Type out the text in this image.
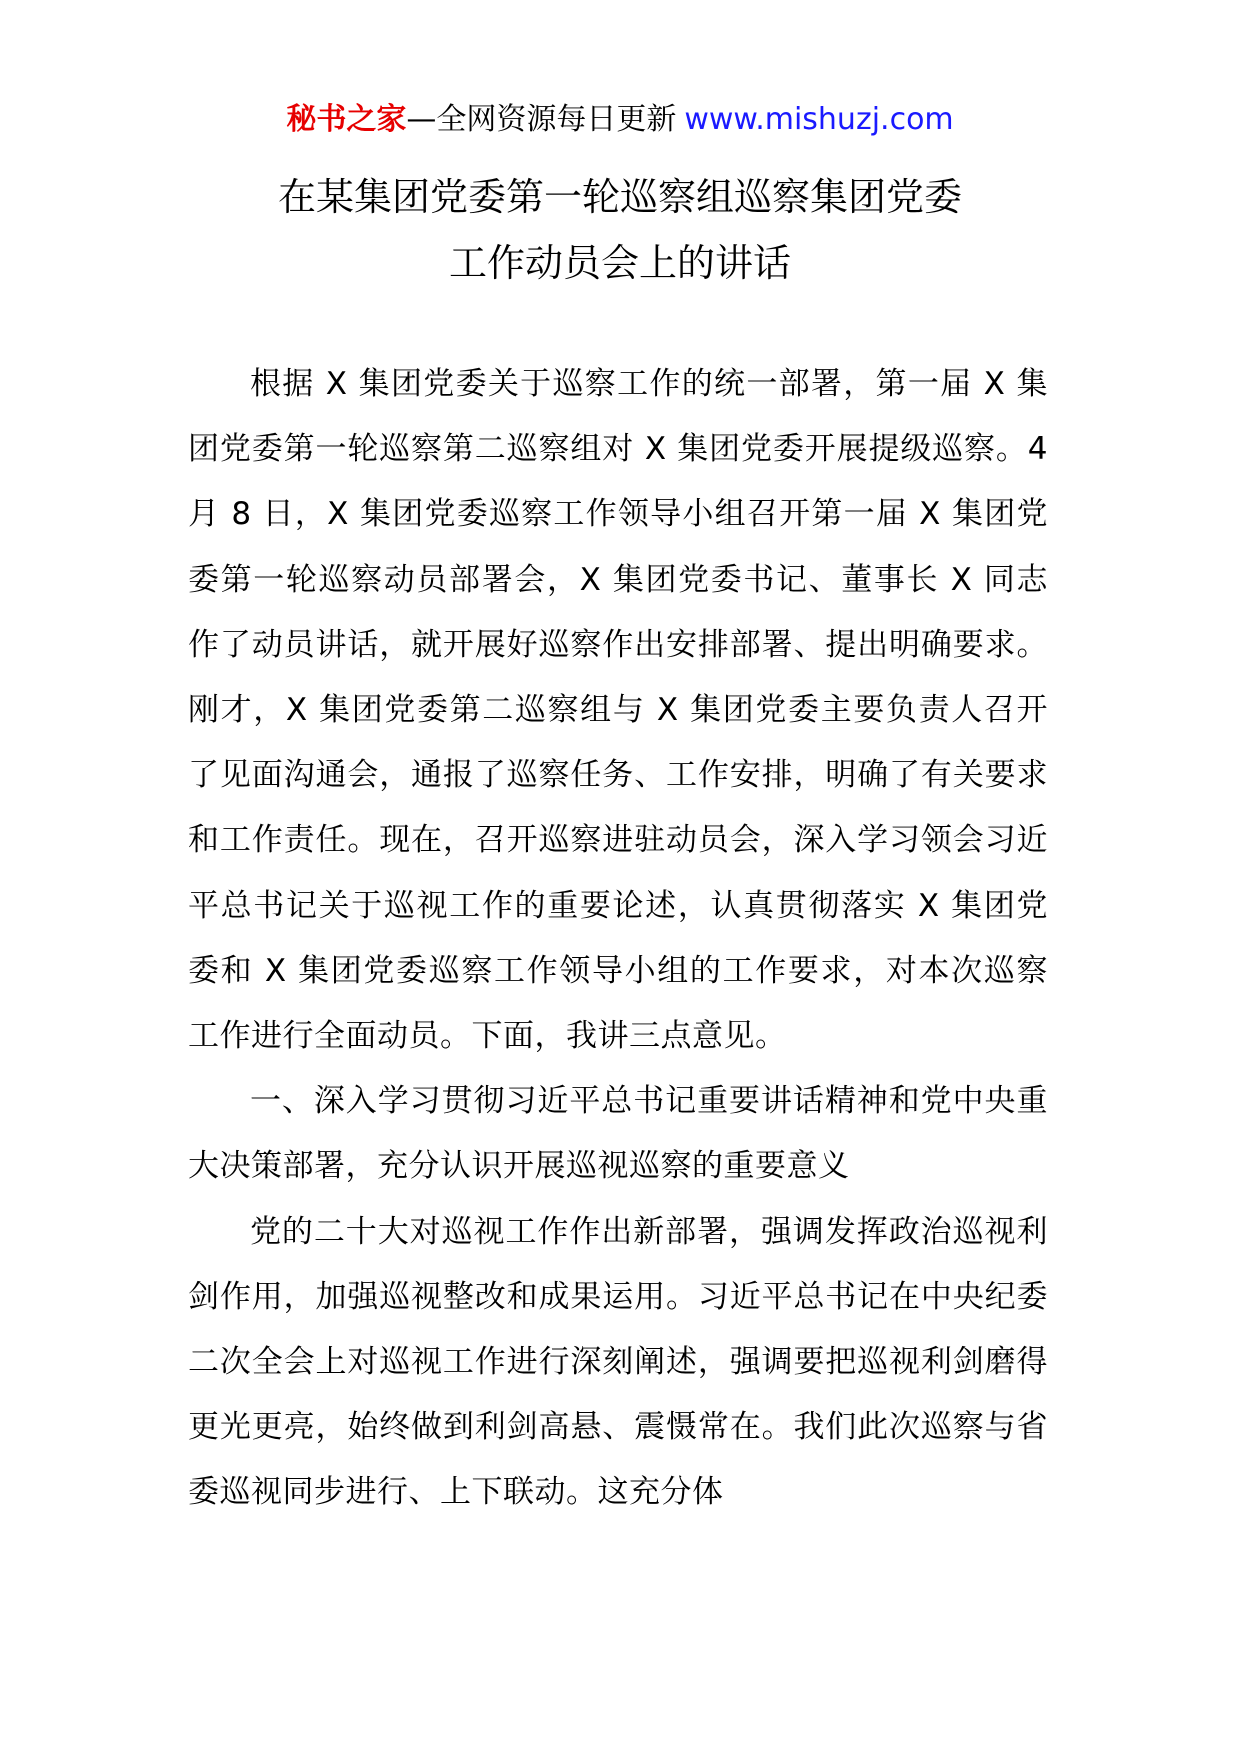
秘书之家—全网资源每日更新 www.mishuzj.com
在某集团党委第一轮巡察组巡察集团党委
工作动员会上的讲话

根据 X 集团党委关于巡察工作的统一部署，第一届 X 集团党委第一轮巡察第二巡察组对 X 集团党委开展提级巡察。4 月 8 日，X 集团党委巡察工作领导小组召开第一届 X 集团党委第一轮巡察动员部署会，X 集团党委书记、董事长 X 同志作了动员讲话，就开展好巡察作出安排部署、提出明确要求。刚才，X 集团党委第二巡察组与 X 集团党委主要负责人召开了见面沟通会，通报了巡察任务、工作安排，明确了有关要求和工作责任。现在，召开巡察进驻动员会，深入学习领会习近平总书记关于巡视工作的重要论述，认真贯彻落实 X 集团党委和 X 集团党委巡察工作领导小组的工作要求，对本次巡察工作进行全面动员。下面，我讲三点意见。

一、深入学习贯彻习近平总书记重要讲话精神和党中央重大决策部署，充分认识开展巡视巡察的重要意义

党的二十大对巡视工作作出新部署，强调发挥政治巡视利剑作用，加强巡视整改和成果运用。习近平总书记在中央纪委二次全会上对巡视工作进行深刻阐述，强调要把巡视利剑磨得更光更亮，始终做到利剑高悬、震慑常在。我们此次巡察与省委巡视同步进行、上下联动。这充分体
